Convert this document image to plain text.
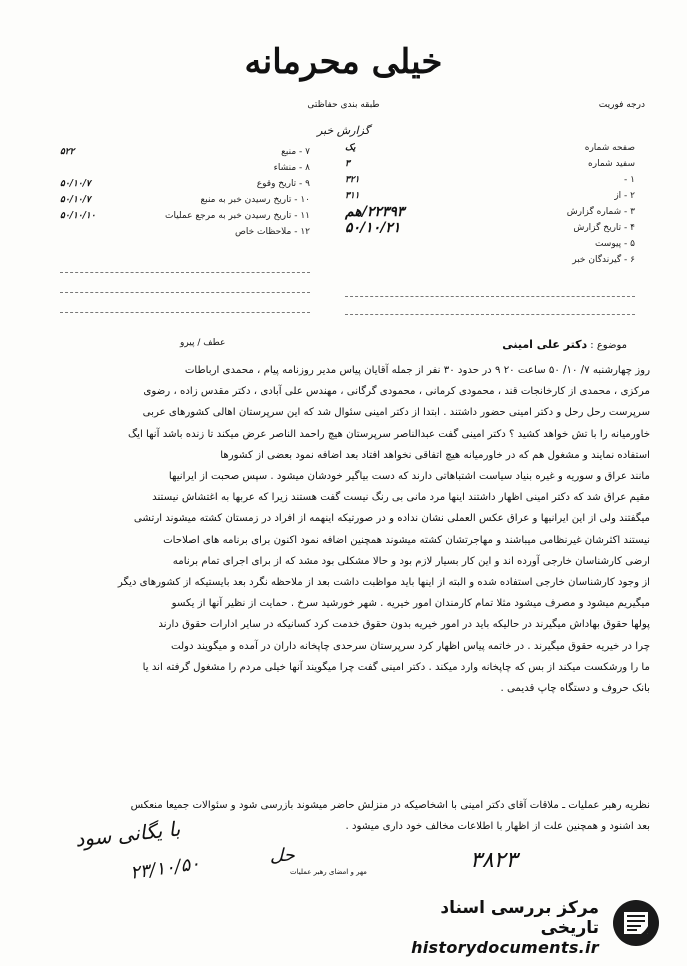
خیلی محرمانه
طبقه بندی حفاظتی
گزارش خبر
درجه فوریت
۷ - منبع
۵۲۲
۸ - منشاء
۹ - تاریخ وقوع
۵۰/۱۰/۷
۱۰ - تاریخ رسیدن خبر به منبع
۵۰/۱۰/۷
۱۱ - تاریخ رسیدن خبر به مرجع عملیات
۵۰/۱۰/۱۰
۱۲ - ملاحظات خاص
صفحه شماره
یک
سفید شماره
۳
۱ -
۳۲۱
۲ - از
۳۱۱
۳ - شماره گزارش
۲۲۳۹۳/هم
۴ - تاریخ گزارش
۵۰/۱۰/۲۱
۵ - پیوست
۶ - گیرندگان خبر
موضوع : دکتر علی امینی
عطف / پیرو

روز چهارشنبه ۷/ ۱۰/ ۵۰ ساعت ۲۰ ۹ در حدود ۳۰ نفر از جمله آقایان پیاس مدیر روزنامه پیام ، محمدی ارباطات

مرکزی ، محمدی از کارخانجات قند ، محمودی کرمانی ، محمودی گرگانی ، مهندس علی آبادی ، دکتر مقدس زاده ، رضوی

سرپرست رحل رحل و دکتر امینی حضور داشتند . ابتدا از دکتر امینی سئوال شد که این سرپرستان اهالی کشورهای عربی

خاورمیانه را با تش خواهد کشید ؟ دکتر امینی گفت عبدالناصر سرپرستان هیچ راحمد الناصر عرض میکند تا زنده باشد آنها ایگ

استفاده نمایند و مشغول هم که در خاورمیانه هیچ اتفاقی نخواهد افتاد بعد اضافه نمود بعضی از کشورها

مانند عراق و سوریه و غیره بنیاد سیاست اشتباهاتی دارند که دست بیاگیر خودشان میشود . سپس صحبت از ایرانیها

مقیم عراق شد که دکتر امینی اظهار داشتند اینها مرد مانی بی رنگ نیست گفت هستند زیرا که عربها به اغتشاش نیستند

میگفتند ولی از این ایرانیها و عراق عکس العملی نشان نداده و در صورتیکه اینهمه از افراد در زمستان کشته میشوند ارتشی

نیستند اکثرشان غیرنظامی میباشند و مهاجرتشان کشته میشوند همچنین اضافه نمود اکنون برای برنامه های اصلاحات

ارضی کارشناسان خارجی آورده اند و این کار بسیار لازم بود و حالا مشکلی بود مشد که از برای اجرای تمام برنامه

از وجود کارشناسان خارجی استفاده شده و البته از اینها باید مواظبت داشت بعد از ملاحظه نگرد بعد بایستیکه از کشورهای دیگر

میگیریم میشود و مصرف میشود مثلا تمام کارمندان امور خیریه . شهر خورشید سرخ . حمایت از نظیر آنها از یکسو

پولها حقوق بهاداش میگیرند در حالیکه باید در امور خیریه بدون حقوق خدمت کرد کسانیکه در سایر ادارات حقوق دارند

چرا در خیریه حقوق میگیرند . در خاتمه پیاس اظهار کرد سرپرستان سرحدی چاپخانه داران در آمده و میگویند دولت

ما را ورشکست میکند از بس که چاپخانه وارد میکند . دکتر امینی گفت چرا میگویند آنها خیلی مردم را مشغول گرفته اند یا

بانک حروف و دستگاه چاپ قدیمی .

نظریه رهبر عملیات ـ ملاقات آقای دکتر امینی با اشخاصیکه در منزلش حاضر میشوند بازرسی شود و سئوالات جمیعا منعکس

بعد اشنود و همچنین علت از اظهار با اطلاعات مخالف خود داری میشود .

با یگانی سود
۲۳/۱۰/۵۰	حل
مهر و امضای رهبر عملیات	۳۸۲۳
مرکز بررسی اسناد تاریخی
historydocuments.ir
